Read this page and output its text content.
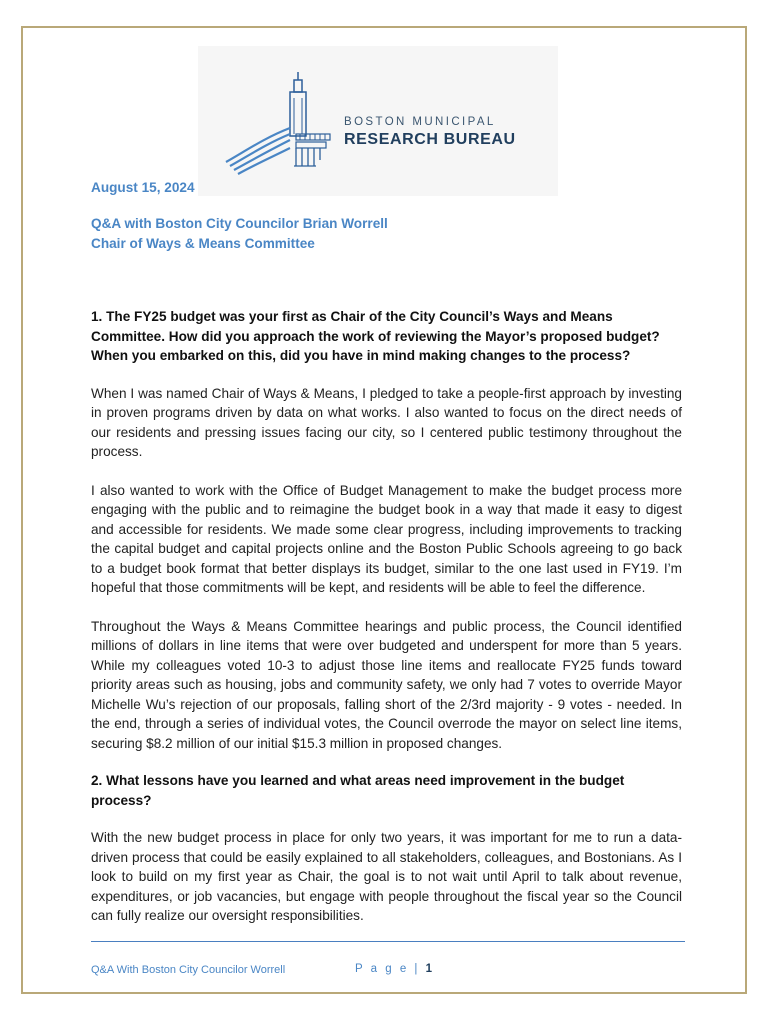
BOSTON MUNICIPAL
RESEARCH BUREAU

August 15, 2024

Q&A with Boston City Councilor Brian Worrell

Chair of Ways & Means Committee

1. The FY25 budget was your first as Chair of the City Council’s Ways and Means Committee. How did you approach the work of reviewing the Mayor’s proposed budget? When you embarked on this, did you have in mind making changes to the process?

When I was named Chair of Ways & Means, I pledged to take a people-first approach by investing in proven programs driven by data on what works. I also wanted to focus on the direct needs of our residents and pressing issues facing our city, so I centered public testimony throughout the process.

I also wanted to work with the Office of Budget Management to make the budget process more engaging with the public and to reimagine the budget book in a way that made it easy to digest and accessible for residents. We made some clear progress, including improvements to tracking the capital budget and capital projects online and the Boston Public Schools agreeing to go back to a budget book format that better displays its budget, similar to the one last used in FY19. I’m hopeful that those commitments will be kept, and residents will be able to feel the difference.

Throughout the Ways & Means Committee hearings and public process, the Council identified millions of dollars in line items that were over budgeted and underspent for more than 5 years. While my colleagues voted 10-3 to adjust those line items and reallocate FY25 funds toward priority areas such as housing, jobs and community safety, we only had 7 votes to override Mayor Michelle Wu’s rejection of our proposals, falling short of the 2/3rd majority - 9 votes - needed. In the end, through a series of individual votes, the Council overrode the mayor on select line items, securing $8.2 million of our initial $15.3 million in proposed changes.

2. What lessons have you learned and what areas need improvement in the budget process?

With the new budget process in place for only two years, it was important for me to run a data-driven process that could be easily explained to all stakeholders, colleagues, and Bostonians. As I look to build on my first year as Chair, the goal is to not wait until April to talk about revenue, expenditures, or job vacancies, but engage with people throughout the fiscal year so the Council can fully realize our oversight responsibilities.

Q&A With Boston City Councilor Worrell	P a g e | 1
